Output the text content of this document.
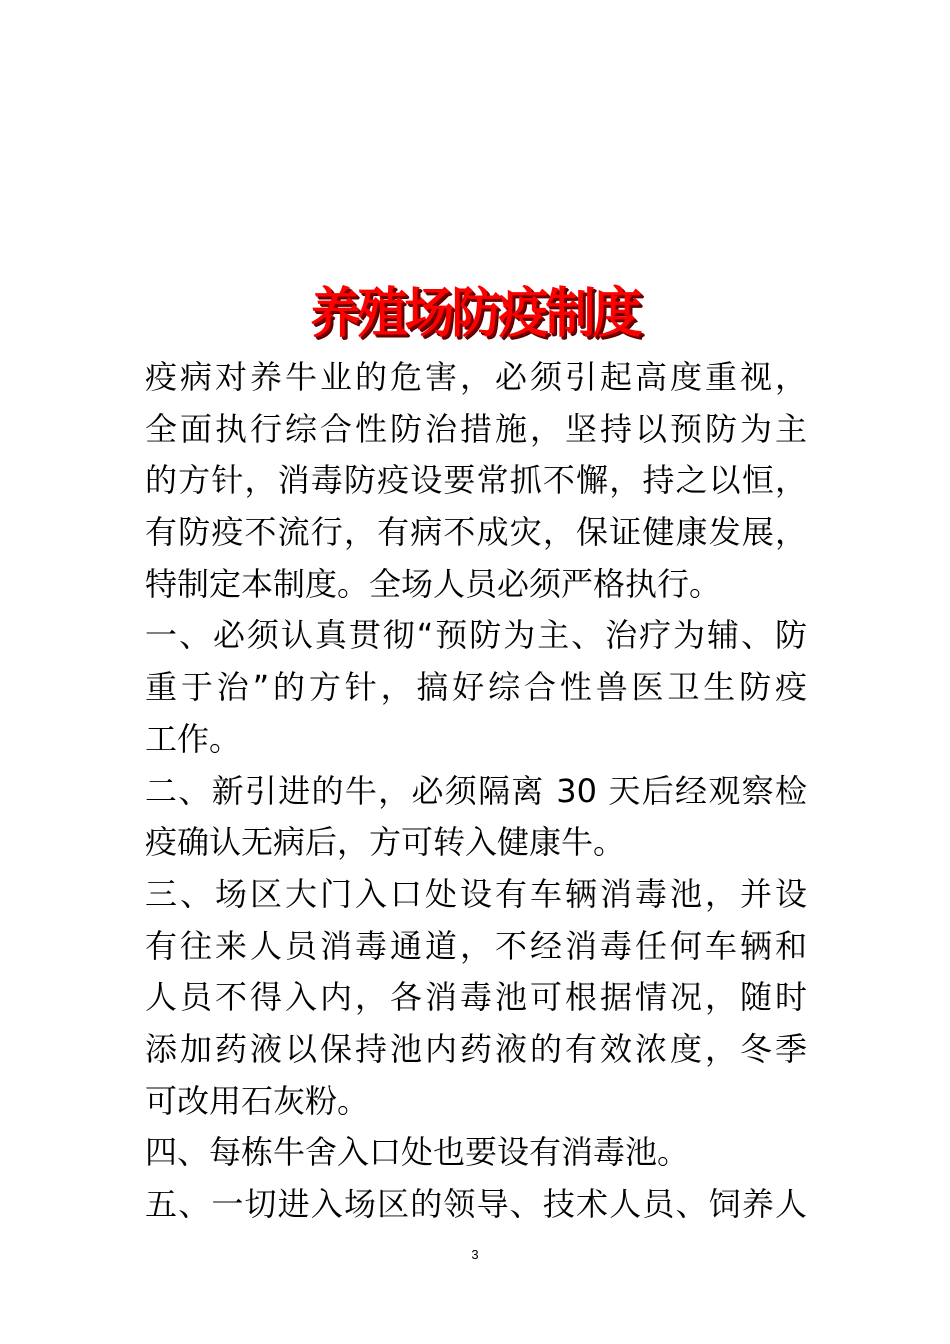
养殖场防疫制度
疫病对养牛业的危害，必须引起高度重视，
全面执行综合性防治措施，坚持以预防为主
的方针，消毒防疫设要常抓不懈，持之以恒，
有防疫不流行，有病不成灾，保证健康发展，
特制定本制度。全场人员必须严格执行。
一、必须认真贯彻“预防为主、治疗为辅、防
重于治”的方针，搞好综合性兽医卫生防疫
工作。
二、新引进的牛，必须隔离 30 天后经观察检
疫确认无病后，方可转入健康牛。
三、场区大门入口处设有车辆消毒池，并设
有往来人员消毒通道，不经消毒任何车辆和
人员不得入内，各消毒池可根据情况，随时
添加药液以保持池内药液的有效浓度，冬季
可改用石灰粉。
四、每栋牛舍入口处也要设有消毒池。
五、一切进入场区的领导、技术人员、饲养人
3
